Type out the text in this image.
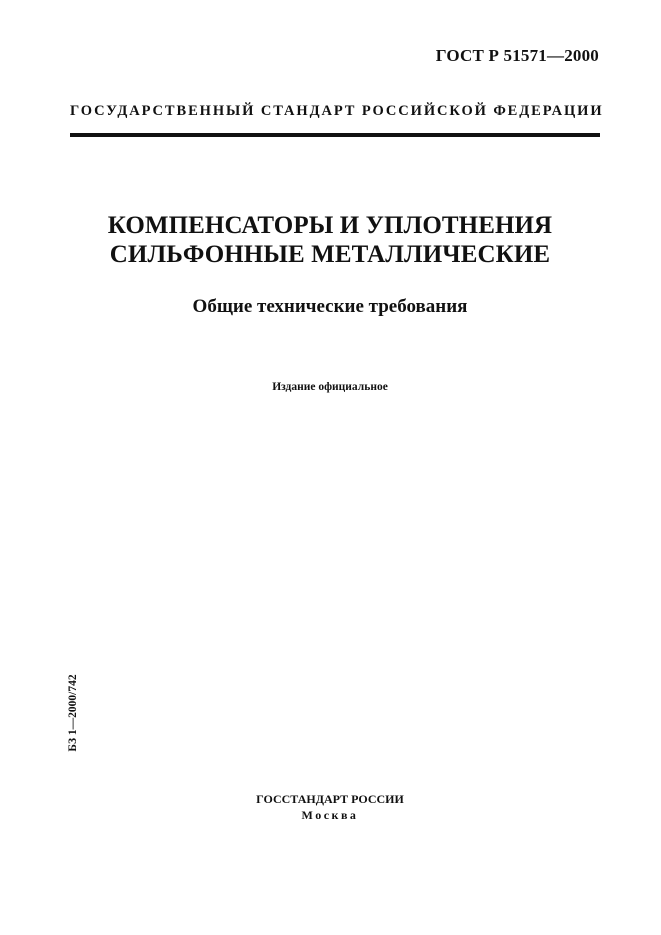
ГОСТ Р 51571—2000
ГОСУДАРСТВЕННЫЙ СТАНДАРТ РОССИЙСКОЙ ФЕДЕРАЦИИ
КОМПЕНСАТОРЫ И УПЛОТНЕНИЯ
СИЛЬФОННЫЕ МЕТАЛЛИЧЕСКИЕ
Общие технические требования
Издание официальное
БЗ 1—2000/742
ГОССТАНДАРТ РОССИИ
Москва
